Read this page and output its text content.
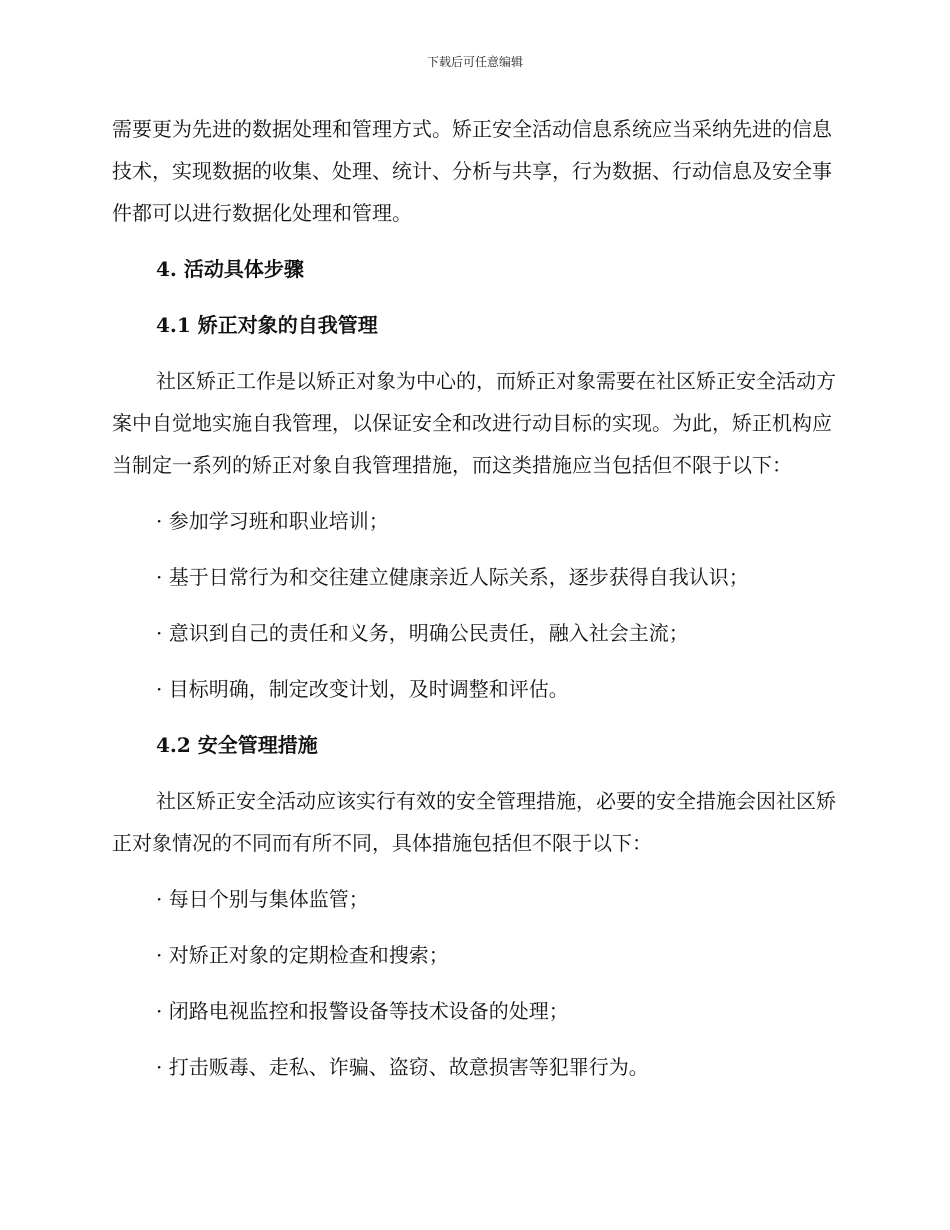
下载后可任意编辑

需要更为先进的数据处理和管理方式。矫正安全活动信息系统应当采纳先进的信息技术，实现数据的收集、处理、统计、分析与共享，行为数据、行动信息及安全事件都可以进行数据化处理和管理。

4. 活动具体步骤

4.1 矫正对象的自我管理

社区矫正工作是以矫正对象为中心的，而矫正对象需要在社区矫正安全活动方案中自觉地实施自我管理，以保证安全和改进行动目标的实现。为此，矫正机构应当制定一系列的矫正对象自我管理措施，而这类措施应当包括但不限于以下：

· 参加学习班和职业培训；

· 基于日常行为和交往建立健康亲近人际关系，逐步获得自我认识；

· 意识到自己的责任和义务，明确公民责任，融入社会主流；

· 目标明确，制定改变计划，及时调整和评估。

4.2 安全管理措施

社区矫正安全活动应该实行有效的安全管理措施，必要的安全措施会因社区矫正对象情况的不同而有所不同，具体措施包括但不限于以下：

· 每日个别与集体监管；

· 对矫正对象的定期检查和搜索；

· 闭路电视监控和报警设备等技术设备的处理；

· 打击贩毒、走私、诈骗、盗窃、故意损害等犯罪行为。
